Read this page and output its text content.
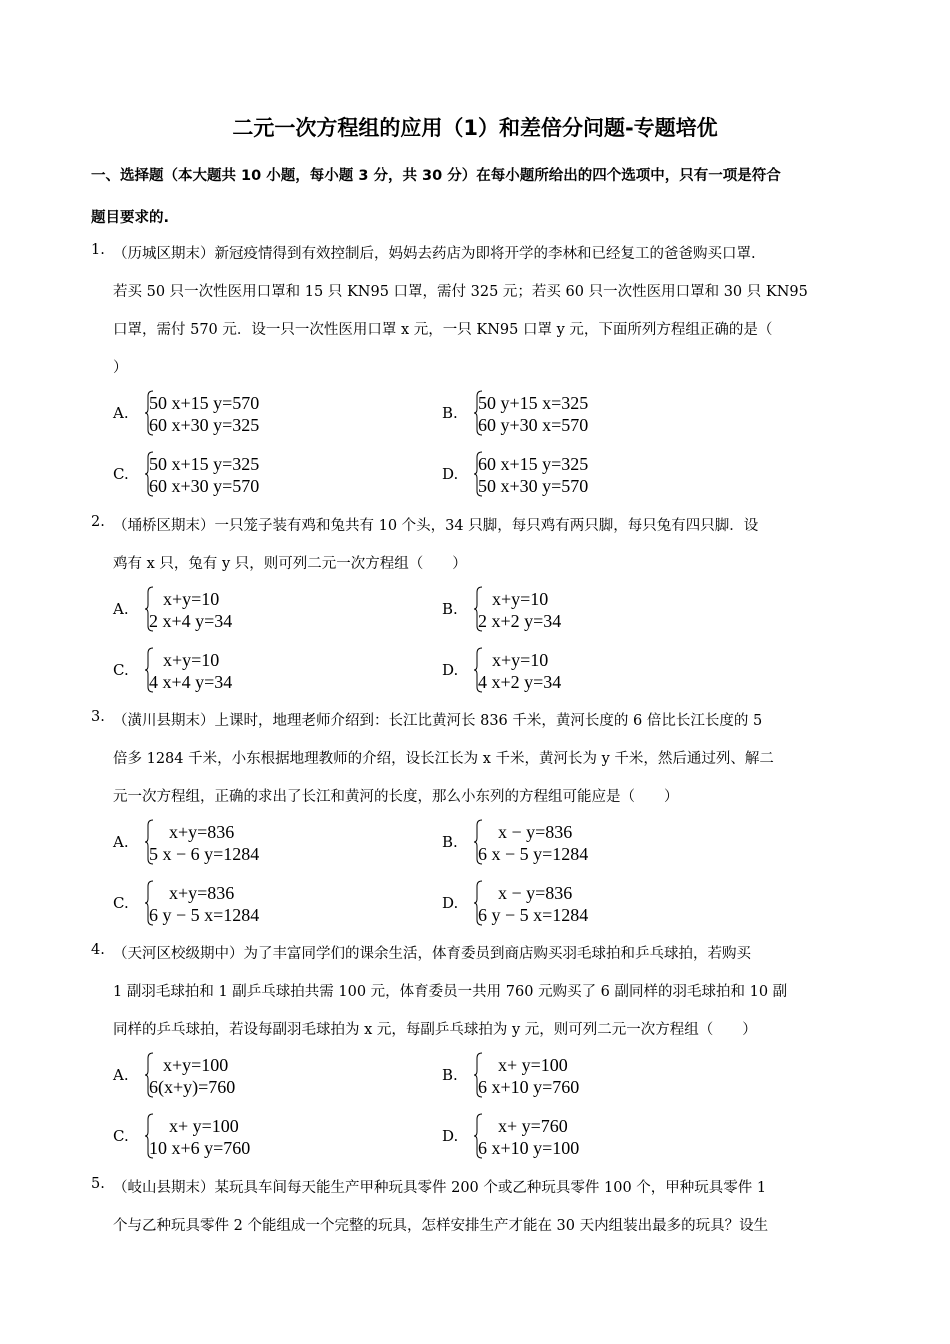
二元一次方程组的应用（1）和差倍分问题-专题培优
一、选择题（本大题共 10 小题，每小题 3 分，共 30 分）在每小题所给出的四个选项中，只有一项是符合
题目要求的.
1. （历城区期末）新冠疫情得到有效控制后，妈妈去药店为即将开学的李林和已经复工的爸爸购买口罩.
若买 50 只一次性医用口罩和 15 只 KN95 口罩，需付 325 元；若买 60 只一次性医用口罩和 30 只 KN95
口罩，需付 570 元．设一只一次性医用口罩 x 元，一只 KN95 口罩 y 元，下面所列方程组正确的是（
）
A. 50 x+15 y=570
60 x+30 y=325
B. 50 y+15 x=325
60 y+30 x=570
C. 50 x+15 y=325
60 x+30 y=570
D. 60 x+15 y=325
50 x+30 y=570
2. （埇桥区期末）一只笼子装有鸡和兔共有 10 个头，34 只脚，每只鸡有两只脚，每只兔有四只脚．设
鸡有 x 只，兔有 y 只，则可列二元一次方程组（　　）
A. x+y=10
2 x+4 y=34
B. x+y=10
2 x+2 y=34
C. x+y=10
4 x+4 y=34
D. x+y=10
4 x+2 y=34
3. （潢川县期末）上课时，地理老师介绍到：长江比黄河长 836 千米，黄河长度的 6 倍比长江长度的 5
倍多 1284 千米，小东根据地理教师的介绍，设长江长为 x 千米，黄河长为 y 千米，然后通过列、解二
元一次方程组，正确的求出了长江和黄河的长度，那么小东列的方程组可能应是（　　）
A. x+y=836
5 x − 6 y=1284
B. x − y=836
6 x − 5 y=1284
C. x+y=836
6 y − 5 x=1284
D. x − y=836
6 y − 5 x=1284
4. （天河区校级期中）为了丰富同学们的课余生活，体育委员到商店购买羽毛球拍和乒乓球拍，若购买
1 副羽毛球拍和 1 副乒乓球拍共需 100 元，体育委员一共用 760 元购买了 6 副同样的羽毛球拍和 10 副
同样的乒乓球拍，若设每副羽毛球拍为 x 元，每副乒乓球拍为 y 元，则可列二元一次方程组（　　）
A. x+y=100
6(x+y)=760
B. x+ y=100
6 x+10 y=760
C. x+ y=100
10 x+6 y=760
D. x+ y=760
6 x+10 y=100
5. （岐山县期末）某玩具车间每天能生产甲种玩具零件 200 个或乙种玩具零件 100 个，甲种玩具零件 1
个与乙种玩具零件 2 个能组成一个完整的玩具，怎样安排生产才能在 30 天内组装出最多的玩具？设生
